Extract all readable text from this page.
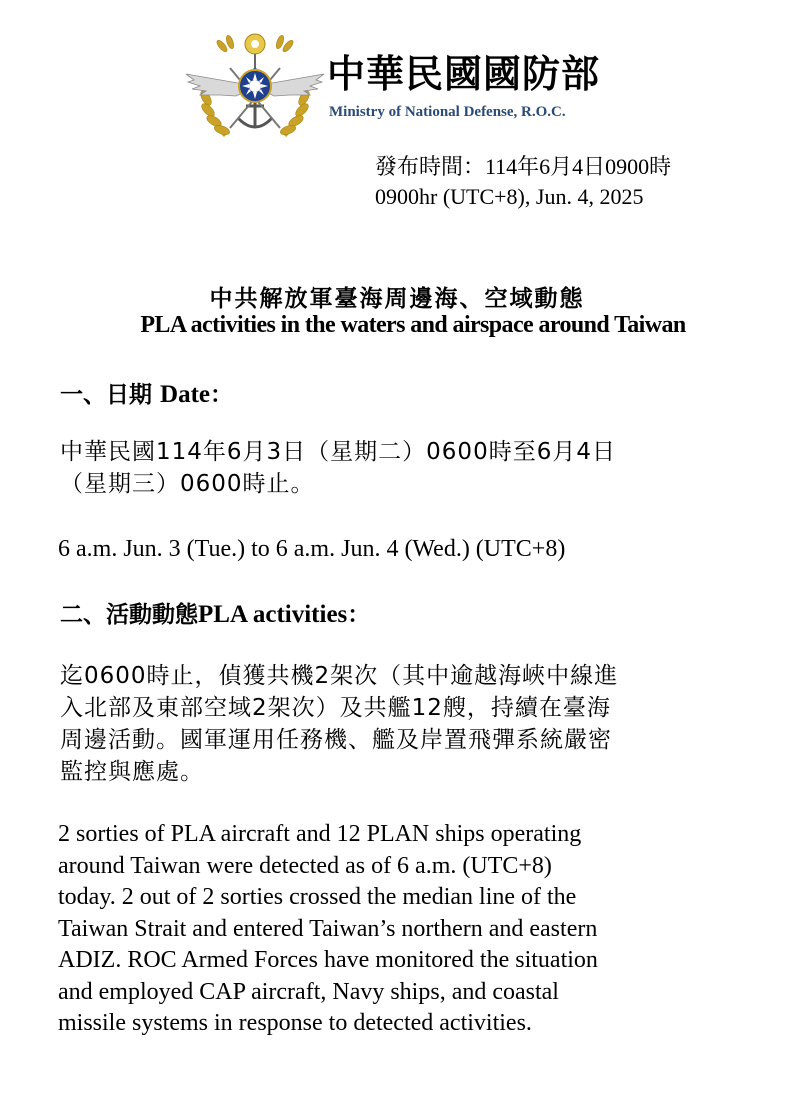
中華民國國防部
Ministry of National Defense, R.O.C.
發布時間：114年6月4日0900時
0900hr (UTC+8), Jun. 4, 2025
中共解放軍臺海周邊海、空域動態
PLA activities in the waters and airspace around Taiwan
一、日期 Date：
中華民國114年6月3日（星期二）0600時至6月4日
（星期三）0600時止。
6 a.m. Jun. 3 (Tue.) to 6 a.m. Jun. 4 (Wed.) (UTC+8)
二、活動動態PLA activities：
迄0600時止，偵獲共機2架次（其中逾越海峽中線進
入北部及東部空域2架次）及共艦12艘，持續在臺海
周邊活動。國軍運用任務機、艦及岸置飛彈系統嚴密
監控與應處。
2 sorties of PLA aircraft and 12 PLAN ships operating
around Taiwan were detected as of 6 a.m. (UTC+8)
today. 2 out of 2 sorties crossed the median line of the
Taiwan Strait and entered Taiwan’s northern and eastern
ADIZ. ROC Armed Forces have monitored the situation
and employed CAP aircraft, Navy ships, and coastal
missile systems in response to detected activities.
